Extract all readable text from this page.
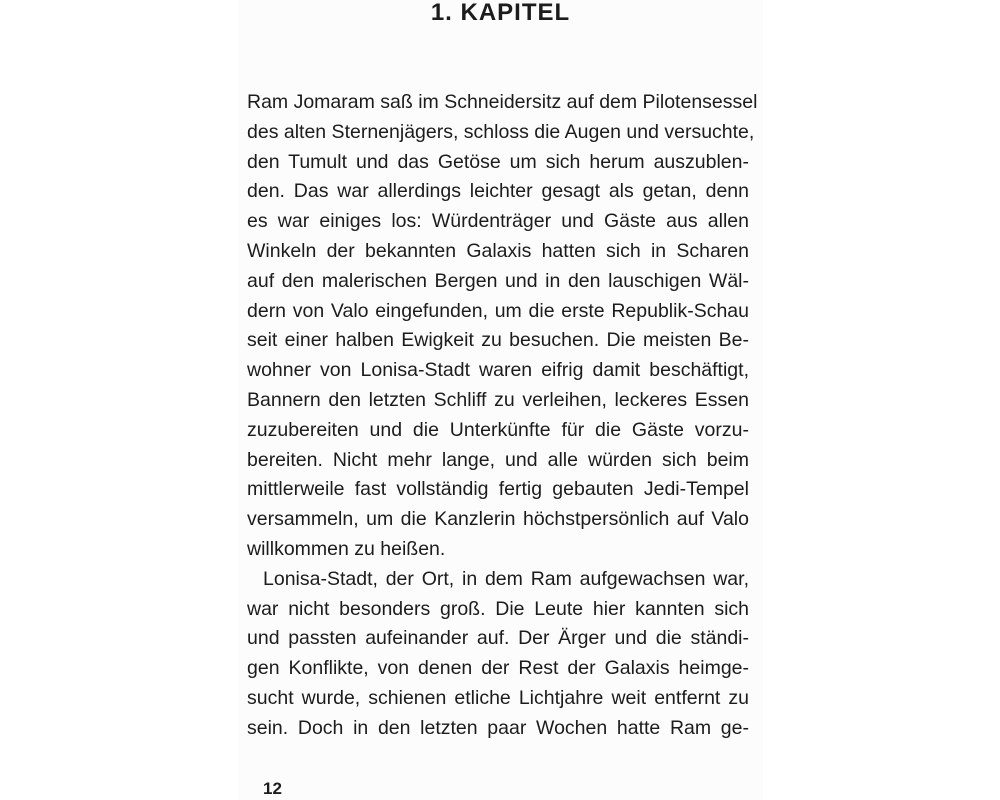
1. KAPITEL
Ram Jomaram saß im Schneidersitz auf dem Pilotensessel
des alten Sternenjägers, schloss die Augen und versuchte,
den Tumult und das Getöse um sich herum auszublen-
den. Das war allerdings leichter gesagt als getan, denn
es war einiges los: Würdenträger und Gäste aus allen
Winkeln der bekannten Galaxis hatten sich in Scharen
auf den malerischen Bergen und in den lauschigen Wäl-
dern von Valo eingefunden, um die erste Republik-Schau
seit einer halben Ewigkeit zu besuchen. Die meisten Be-
wohner von Lonisa-Stadt waren eifrig damit beschäftigt,
Bannern den letzten Schliff zu verleihen, leckeres Essen
zuzubereiten und die Unterkünfte für die Gäste vorzu-
bereiten. Nicht mehr lange, und alle würden sich beim
mittlerweile fast vollständig fertig gebauten Jedi-Tempel
versammeln, um die Kanzlerin höchstpersönlich auf Valo
willkommen zu heißen.
Lonisa-Stadt, der Ort, in dem Ram aufgewachsen war,
war nicht besonders groß. Die Leute hier kannten sich
und passten aufeinander auf. Der Ärger und die ständi-
gen Konflikte, von denen der Rest der Galaxis heimge-
sucht wurde, schienen etliche Lichtjahre weit entfernt zu
sein. Doch in den letzten paar Wochen hatte Ram ge-
12
